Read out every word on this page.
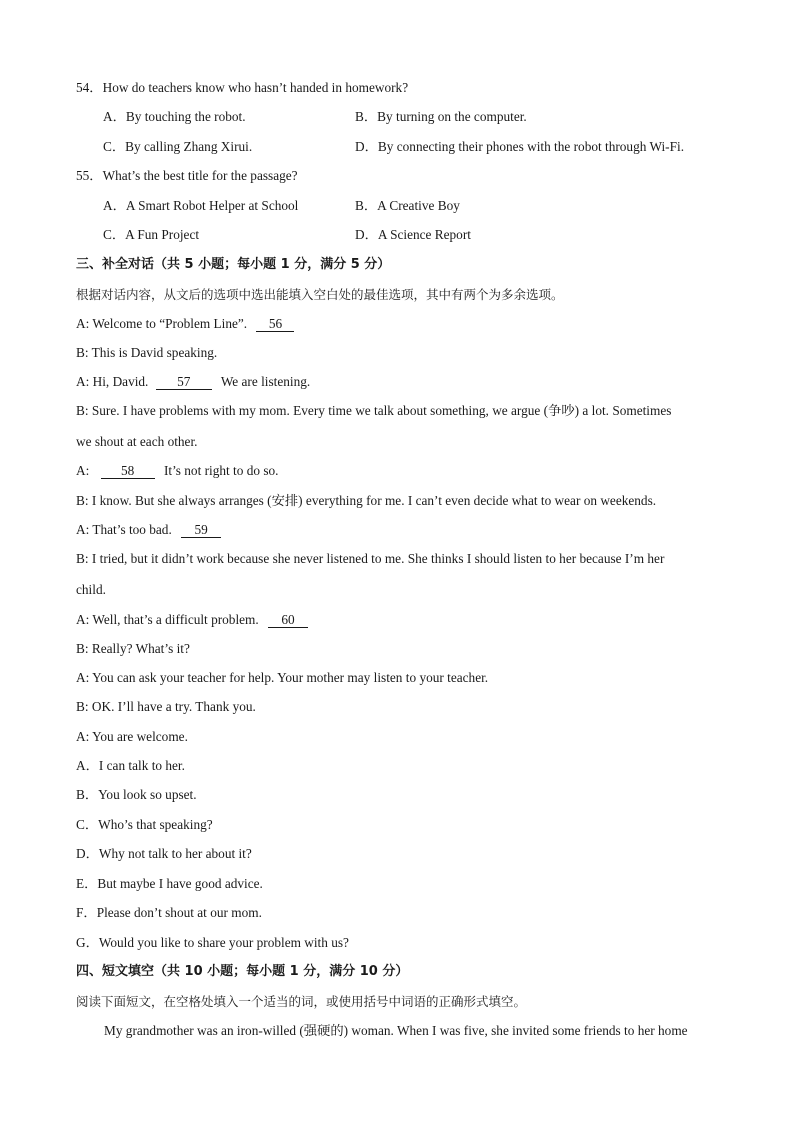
54．How do teachers know who hasn’t handed in homework?
A．By touching the robot.	B．By turning on the computer.
C．By calling Zhang Xirui.	D．By connecting their phones with the robot through Wi-Fi.
55．What’s the best title for the passage?
A．A Smart Robot Helper at School	B．A Creative Boy
C．A Fun Project	D．A Science Report
三、补全对话（共 5 小题；每小题 1 分，满分 5 分）
根据对话内容，从文后的选项中选出能填入空白处的最佳选项，其中有两个为多余选项。
A: Welcome to “Problem Line”. 56
B: This is David speaking.
A: Hi, David. 57 We are listening.
B: Sure. I have problems with my mom. Every time we talk about something, we argue (争吵) a lot. Sometimes
we shout at each other.
A: 58 It’s not right to do so.
B: I know. But she always arranges (安排) everything for me. I can’t even decide what to wear on weekends.
A: That’s too bad. 59
B: I tried, but it didn’t work because she never listened to me. She thinks I should listen to her because I’m her
child.
A: Well, that’s a difficult problem. 60
B: Really? What’s it?
A: You can ask your teacher for help. Your mother may listen to your teacher.
B: OK. I’ll have a try. Thank you.
A: You are welcome.
A．I can talk to her.
B．You look so upset.
C．Who’s that speaking?
D．Why not talk to her about it?
E．But maybe I have good advice.
F．Please don’t shout at our mom.
G．Would you like to share your problem with us?
四、短文填空（共 10 小题；每小题 1 分，满分 10 分）
阅读下面短文，在空格处填入一个适当的词，或使用括号中词语的正确形式填空。
My grandmother was an iron-willed (强硬的) woman. When I was five, she invited some friends to her home
